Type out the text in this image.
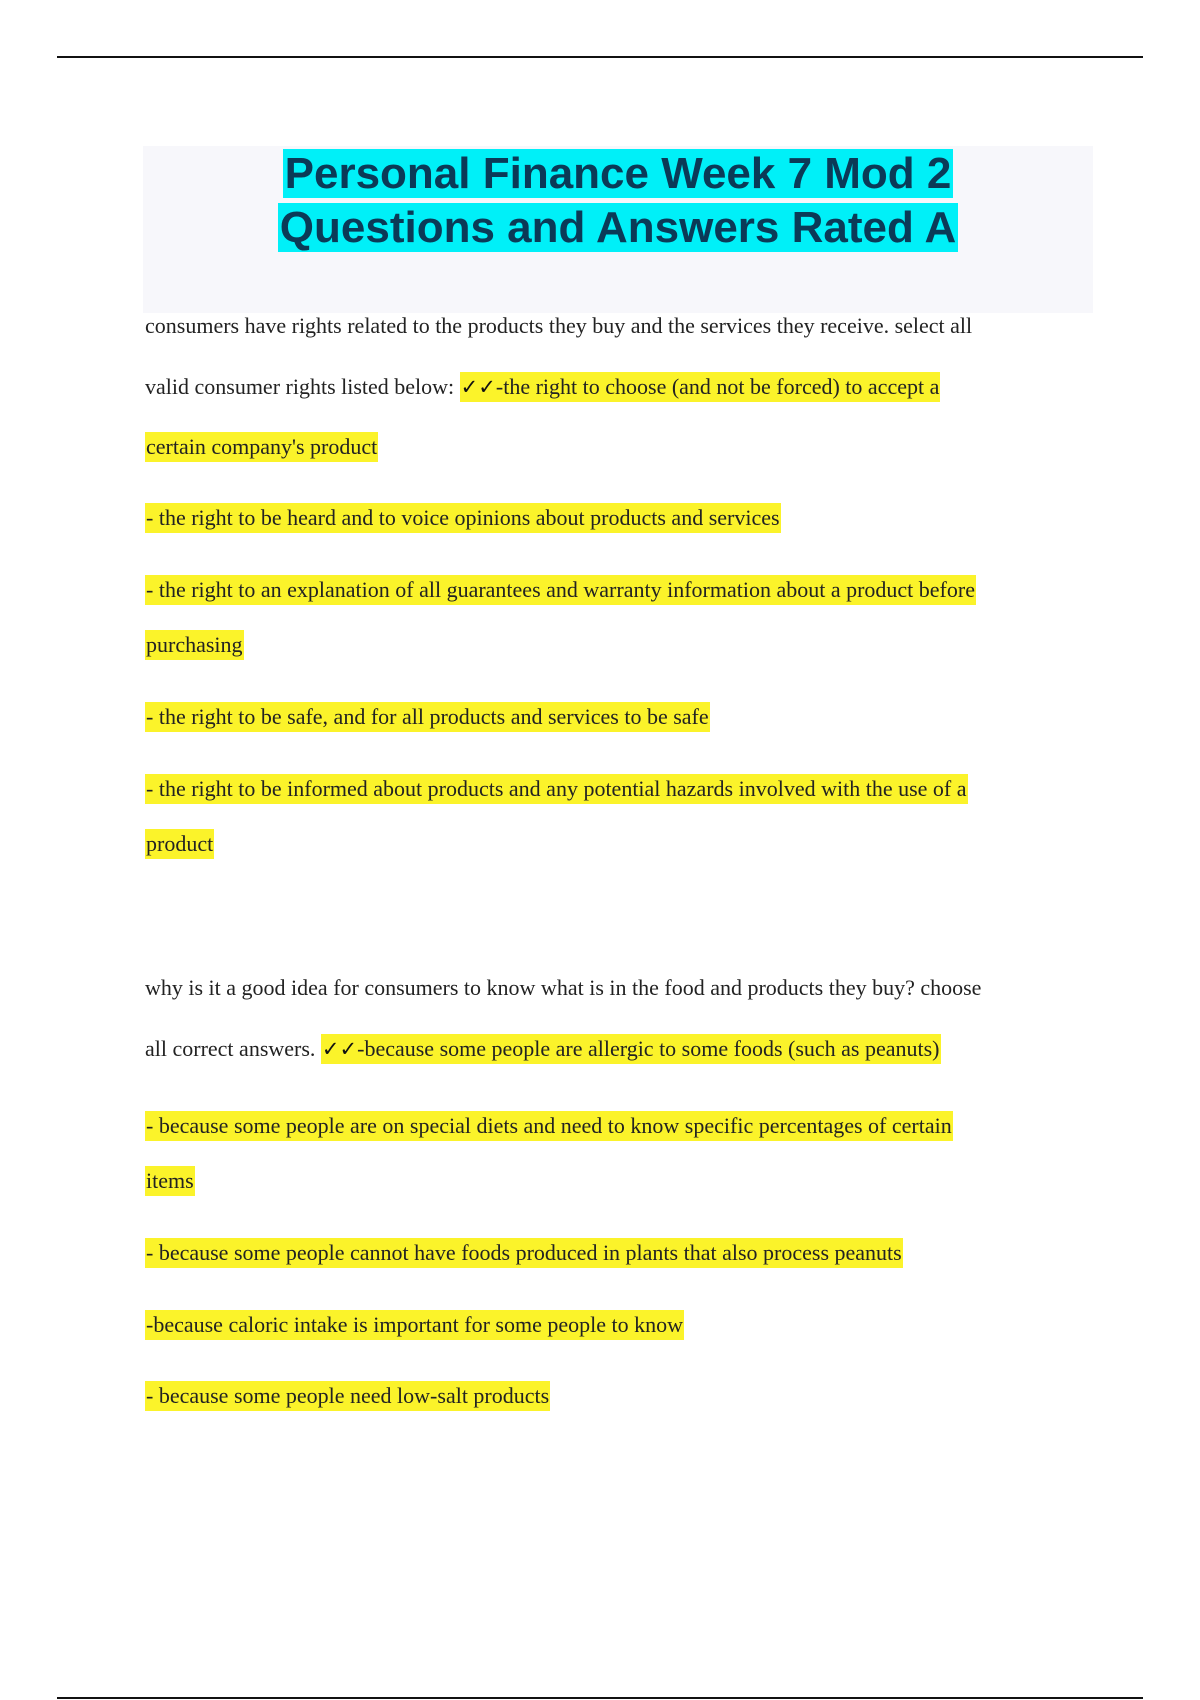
Personal Finance Week 7 Mod 2
Questions and Answers Rated A
consumers have rights related to the products they buy and the services they receive. select all
valid consumer rights listed below: ✓✓-the right to choose (and not be forced) to accept a
certain company's product
- the right to be heard and to voice opinions about products and services
- the right to an explanation of all guarantees and warranty information about a product before
purchasing
- the right to be safe, and for all products and services to be safe
- the right to be informed about products and any potential hazards involved with the use of a
product
why is it a good idea for consumers to know what is in the food and products they buy? choose
all correct answers. ✓✓-because some people are allergic to some foods (such as peanuts)
- because some people are on special diets and need to know specific percentages of certain
items
- because some people cannot have foods produced in plants that also process peanuts
-because caloric intake is important for some people to know
- because some people need low-salt products
